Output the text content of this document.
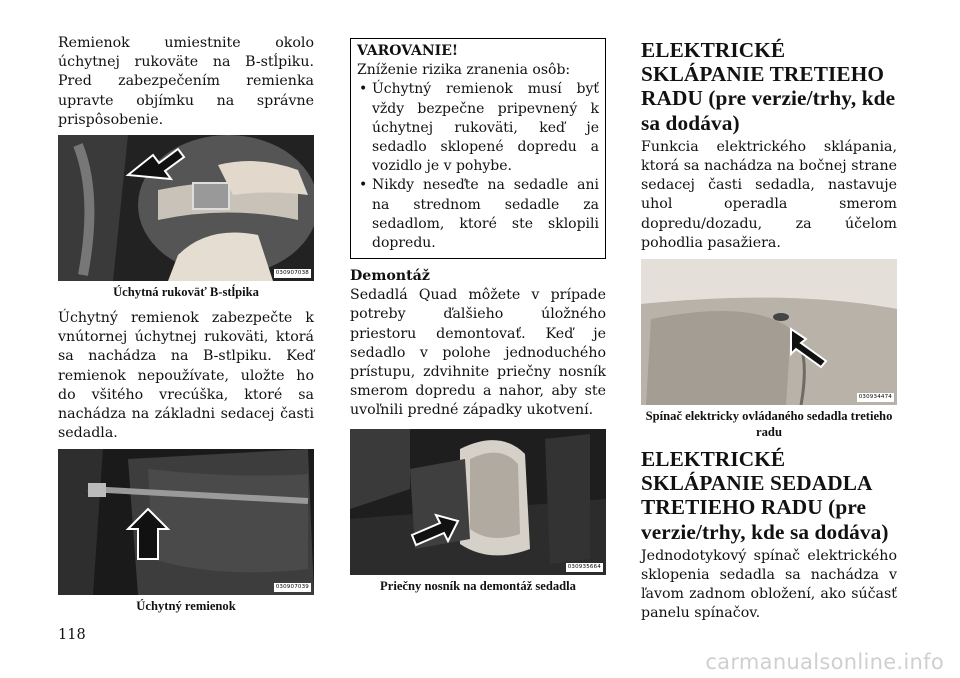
Remienok umiestnite okolo úchytnej rukoväte na B-stĺpiku. Pred zabezpečením remienka upravte objímku na správne prispôsobenie.

030907038
Úchytná rukoväť B-stĺpika

Úchytný remienok zabezpečte k vnútornej úchytnej rukoväti, ktorá sa nachádza na B-stlpiku. Keď remienok nepoužívate, uložte ho do všitého vrecúška, ktoré sa nachádza na základni sedacej časti sedadla.

030907039
Úchytný remienok
VAROVANIE!
Zníženie rizika zranenia osôb:
• Úchytný remienok musí byť vždy bezpečne pripevnený k úchytnej rukoväti, keď je sedadlo sklopené dopredu a vozidlo je v pohybe.
• Nikdy neseďte na sedadle ani na strednom sedadle za sedadlom, ktoré ste sklopili dopredu.
Demontáž

Sedadlá Quad môžete v prípade potreby ďalšieho úložného priestoru demontovať. Keď je sedadlo v polohe jednoduchého prístupu, zdvihnite priečny nosník smerom dopredu a nahor, aby ste uvoľnili predné západky ukotvení.

030935664
Priečny nosník na demontáž sedadla
ELEKTRICKÉ SKLÁPANIE TRETIEHO RADU (pre verzie/trhy, kde sa dodáva)

Funkcia elektrického sklápania, ktorá sa nachádza na bočnej strane sedacej časti sedadla, nastavuje uhol operadla smerom dopredu/dozadu, za účelom pohodlia pasažiera.

030934474
Spínač elektricky ovládaného sedadla tretieho radu
ELEKTRICKÉ SKLÁPANIE SEDADLA TRETIEHO RADU (pre verzie/trhy, kde sa dodáva)

Jednodotykový spínač elektrického sklopenia sedadla sa nachádza v ľavom zadnom obložení, ako súčasť panelu spínačov.

118
carmanualsonline.info
